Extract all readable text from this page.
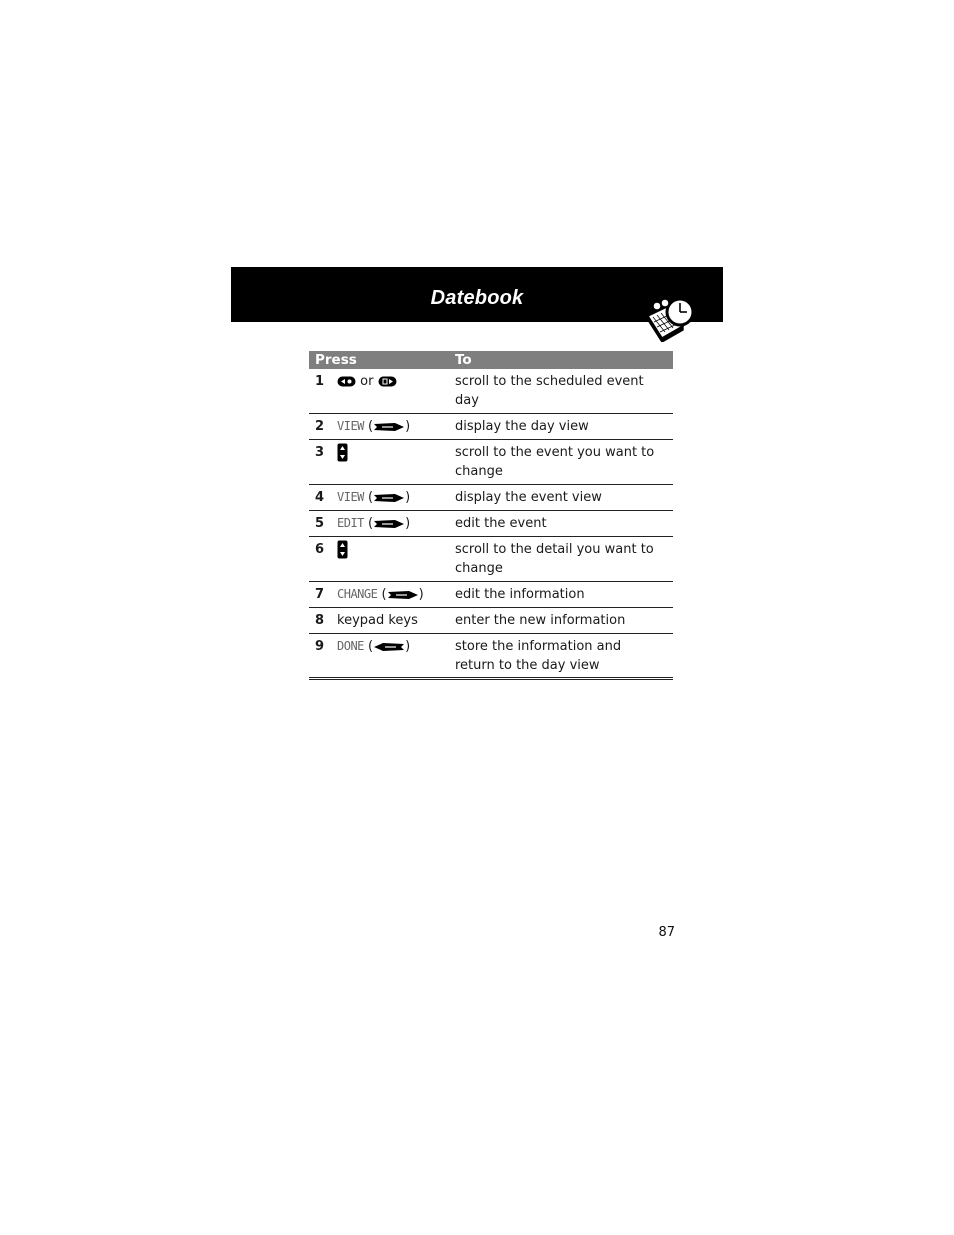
Datebook
Press		To
1	or	scroll to the scheduled event day
2	VIEW ( )	display the day view
3		scroll to the event you want to change
4	VIEW ( )	display the event view
5	EDIT ( )	edit the event
6		scroll to the detail you want to change
7	CHANGE ( )	edit the information
8	keypad keys	enter the new information
9	DONE ( )	store the information and return to the day view
87
